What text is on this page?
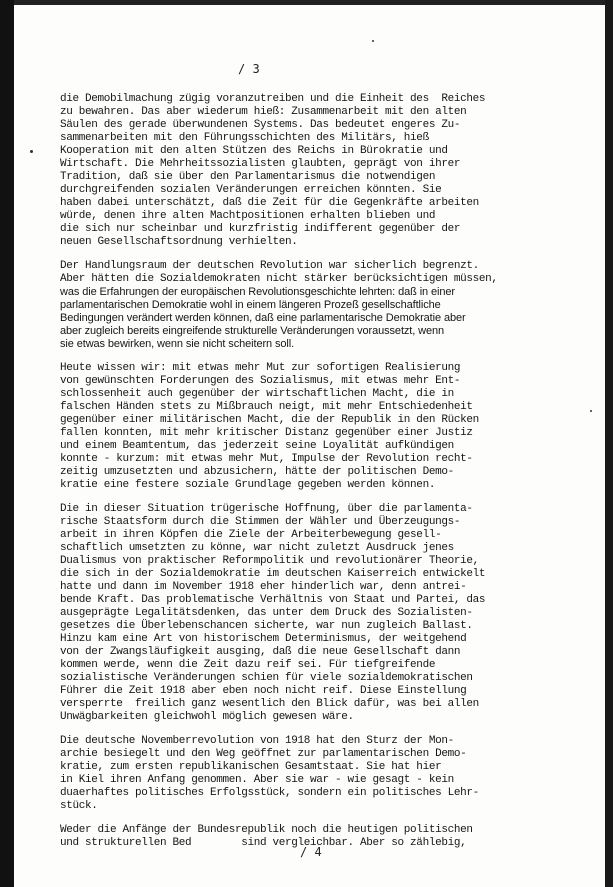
/ 3
die Demobilmachung zügig voranzutreiben und die Einheit des  Reiches
zu bewahren. Das aber wiederum hieß: Zusammenarbeit mit den alten
Säulen des gerade überwundenen Systems. Das bedeutet engeres Zu-
sammenarbeiten mit den Führungsschichten des Militärs, hieß
Kooperation mit den alten Stützen des Reichs in Bürokratie und
Wirtschaft. Die Mehrheitssozialisten glaubten, geprägt von ihrer
Tradition, daß sie über den Parlamentarismus die notwendigen
durchgreifenden sozialen Veränderungen erreichen könnten. Sie
haben dabei unterschätzt, daß die Zeit für die Gegenkräfte arbeiten
würde, denen ihre alten Machtpositionen erhalten blieben und
die sich nur scheinbar und kurzfristig indifferent gegenüber der
neuen Gesellschaftsordnung verhielten.
Der Handlungsraum der deutschen Revolution war sicherlich begrenzt.
Aber hätten die Sozialdemokraten nicht stärker berücksichtigen müssen,
was die Erfahrungen der europäischen Revolutionsgeschichte lehrten: daß in einer
parlamentarischen Demokratie wohl in einem längeren Prozeß gesellschaftliche
Bedingungen verändert werden können, daß eine parlamentarische Demokratie aber
aber zugleich bereits eingreifende strukturelle Veränderungen voraussetzt, wenn
sie etwas bewirken, wenn sie nicht scheitern soll.
Heute wissen wir: mit etwas mehr Mut zur sofortigen Realisierung
von gewünschten Forderungen des Sozialismus, mit etwas mehr Ent-
schlossenheit auch gegenüber der wirtschaftlichen Macht, die in
falschen Händen stets zu Mißbrauch neigt, mit mehr Entschiedenheit
gegenüber einer militärischen Macht, die der Republik in den Rücken
fallen konnten, mit mehr kritischer Distanz gegenüber einer Justiz
und einem Beamtentum, das jederzeit seine Loyalität aufkündigen
konnte - kurzum: mit etwas mehr Mut, Impulse der Revolution recht-
zeitig umzusetzten und abzusichern, hätte der politischen Demo-
kratie eine festere soziale Grundlage gegeben werden können.
Die in dieser Situation trügerische Hoffnung, über die parlamenta-
rische Staatsform durch die Stimmen der Wähler und Überzeugungs-
arbeit in ihren Köpfen die Ziele der Arbeiterbewegung gesell-
schaftlich umsetzten zu könne, war nicht zuletzt Ausdruck jenes
Dualismus von praktischer Reformpolitik und revolutionärer Theorie,
die sich in der Sozialdemokratie im deutschen Kaiserreich entwickelt
hatte und dann im November 1918 eher hinderlich war, denn antrei-
bende Kraft. Das problematische Verhältnis von Staat und Partei, das
ausgeprägte Legalitätsdenken, das unter dem Druck des Sozialisten-
gesetzes die Überlebenschancen sicherte, war nun zugleich Ballast.
Hinzu kam eine Art von historischem Determinismus, der weitgehend
von der Zwangsläufigkeit ausging, daß die neue Gesellschaft dann
kommen werde, wenn die Zeit dazu reif sei. Für tiefgreifende
sozialistische Veränderungen schien für viele sozialdemokratischen
Führer die Zeit 1918 aber eben noch nicht reif. Diese Einstellung
versperrte  freilich ganz wesentlich den Blick dafür, was bei allen
Unwägbarkeiten gleichwohl möglich gewesen wäre.
Die deutsche Novemberrevolution von 1918 hat den Sturz der Mon-
archie besiegelt und den Weg geöffnet zur parlamentarischen Demo-
kratie, zum ersten republikanischen Gesamtstaat. Sie hat hier
in Kiel ihren Anfang genommen. Aber sie war - wie gesagt - kein
duaerhaftes politisches Erfolgsstück, sondern ein politisches Lehr-
stück.
Weder die Anfänge der Bundesrepublik noch die heutigen politischen
und strukturellen Bed        sind vergleichbar. Aber so zählebig,
/ 4
